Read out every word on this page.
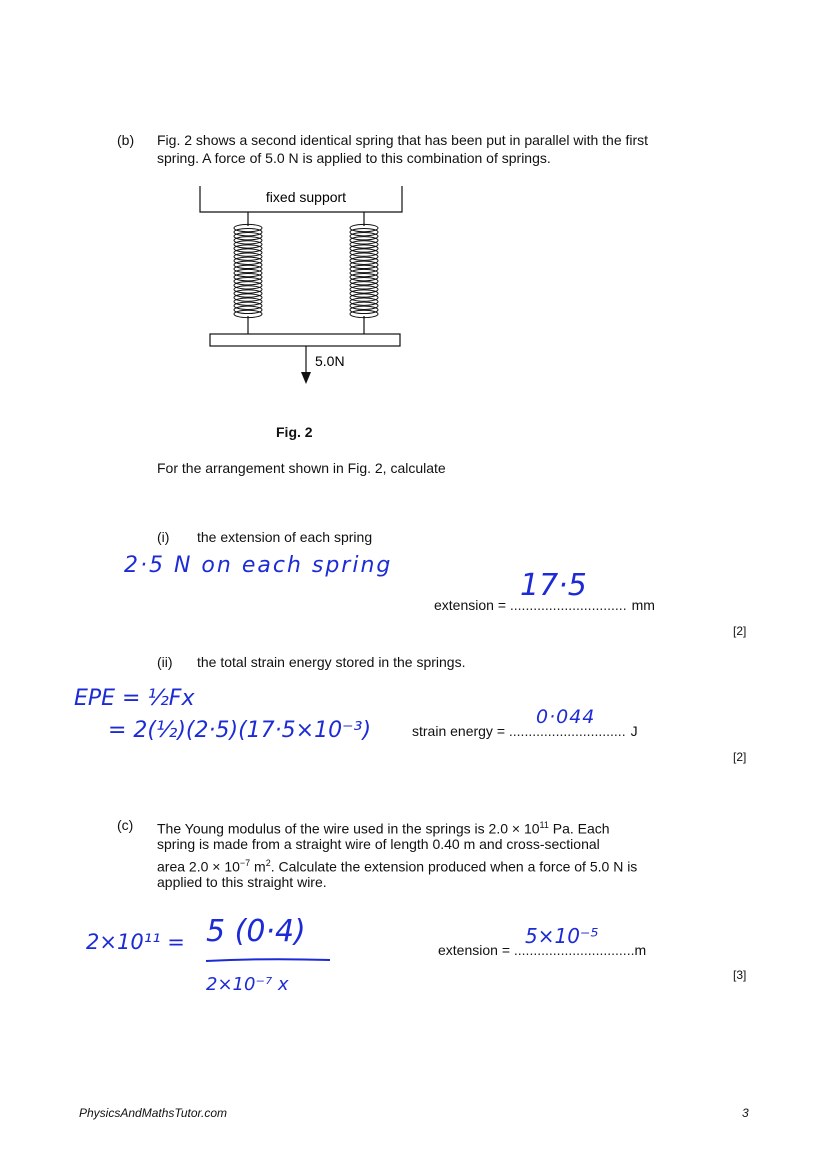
(b) Fig. 2 shows a second identical spring that has been put in parallel with the first
spring. A force of 5.0 N is applied to this combination of springs.
fixed support
5.0N
Fig. 2
For the arrangement shown in Fig. 2, calculate
(i) the extension of each spring
2·5 N on each spring
extension = .............................. mm
17·5
[2]
(ii) the total strain energy stored in the springs.
EPE = ½Fx
= 2(½)(2·5)(17·5×10⁻³)	strain energy = .............................. J
0·044
[2]
(c) The Young modulus of the wire used in the springs is $2.0 \times 10^{11}$ Pa. Each
spring is made from a straight wire of length 0.40 m and cross-sectional
area $2.0 \times 10^{-7}$ $m^2$. Calculate the extension produced when a force of 5.0 N is
applied to this straight wire.
2×10¹¹ = 5 (0·4)
2×10⁻⁷ x
extension = ...............................m
5×10⁻⁵
[3]
PhysicsAndMathsTutor.com	3
